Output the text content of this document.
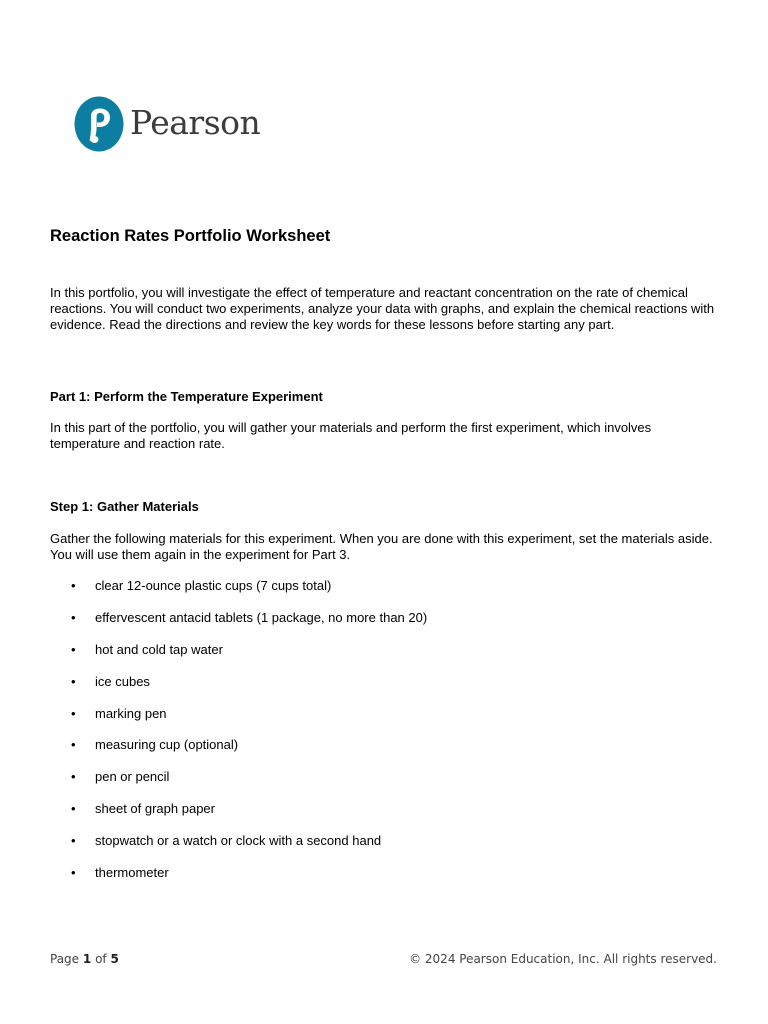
Pearson
Reaction Rates Portfolio Worksheet

In this portfolio, you will investigate the effect of temperature and reactant concentration on the rate of chemical reactions. You will conduct two experiments, analyze your data with graphs, and explain the chemical reactions with evidence. Read the directions and review the key words for these lessons before starting any part.

Part 1: Perform the Temperature Experiment

In this part of the portfolio, you will gather your materials and perform the first experiment, which involves temperature and reaction rate.

Step 1: Gather Materials

Gather the following materials for this experiment. When you are done with this experiment, set the materials aside. You will use them again in the experiment for Part 3.

• clear 12-ounce plastic cups (7 cups total)
• effervescent antacid tablets (1 package, no more than 20)
• hot and cold tap water
• ice cubes
• marking pen
• measuring cup (optional)
• pen or pencil
• sheet of graph paper
• stopwatch or a watch or clock with a second hand
• thermometer
Page 1 of 5	© 2024 Pearson Education, Inc. All rights reserved.
